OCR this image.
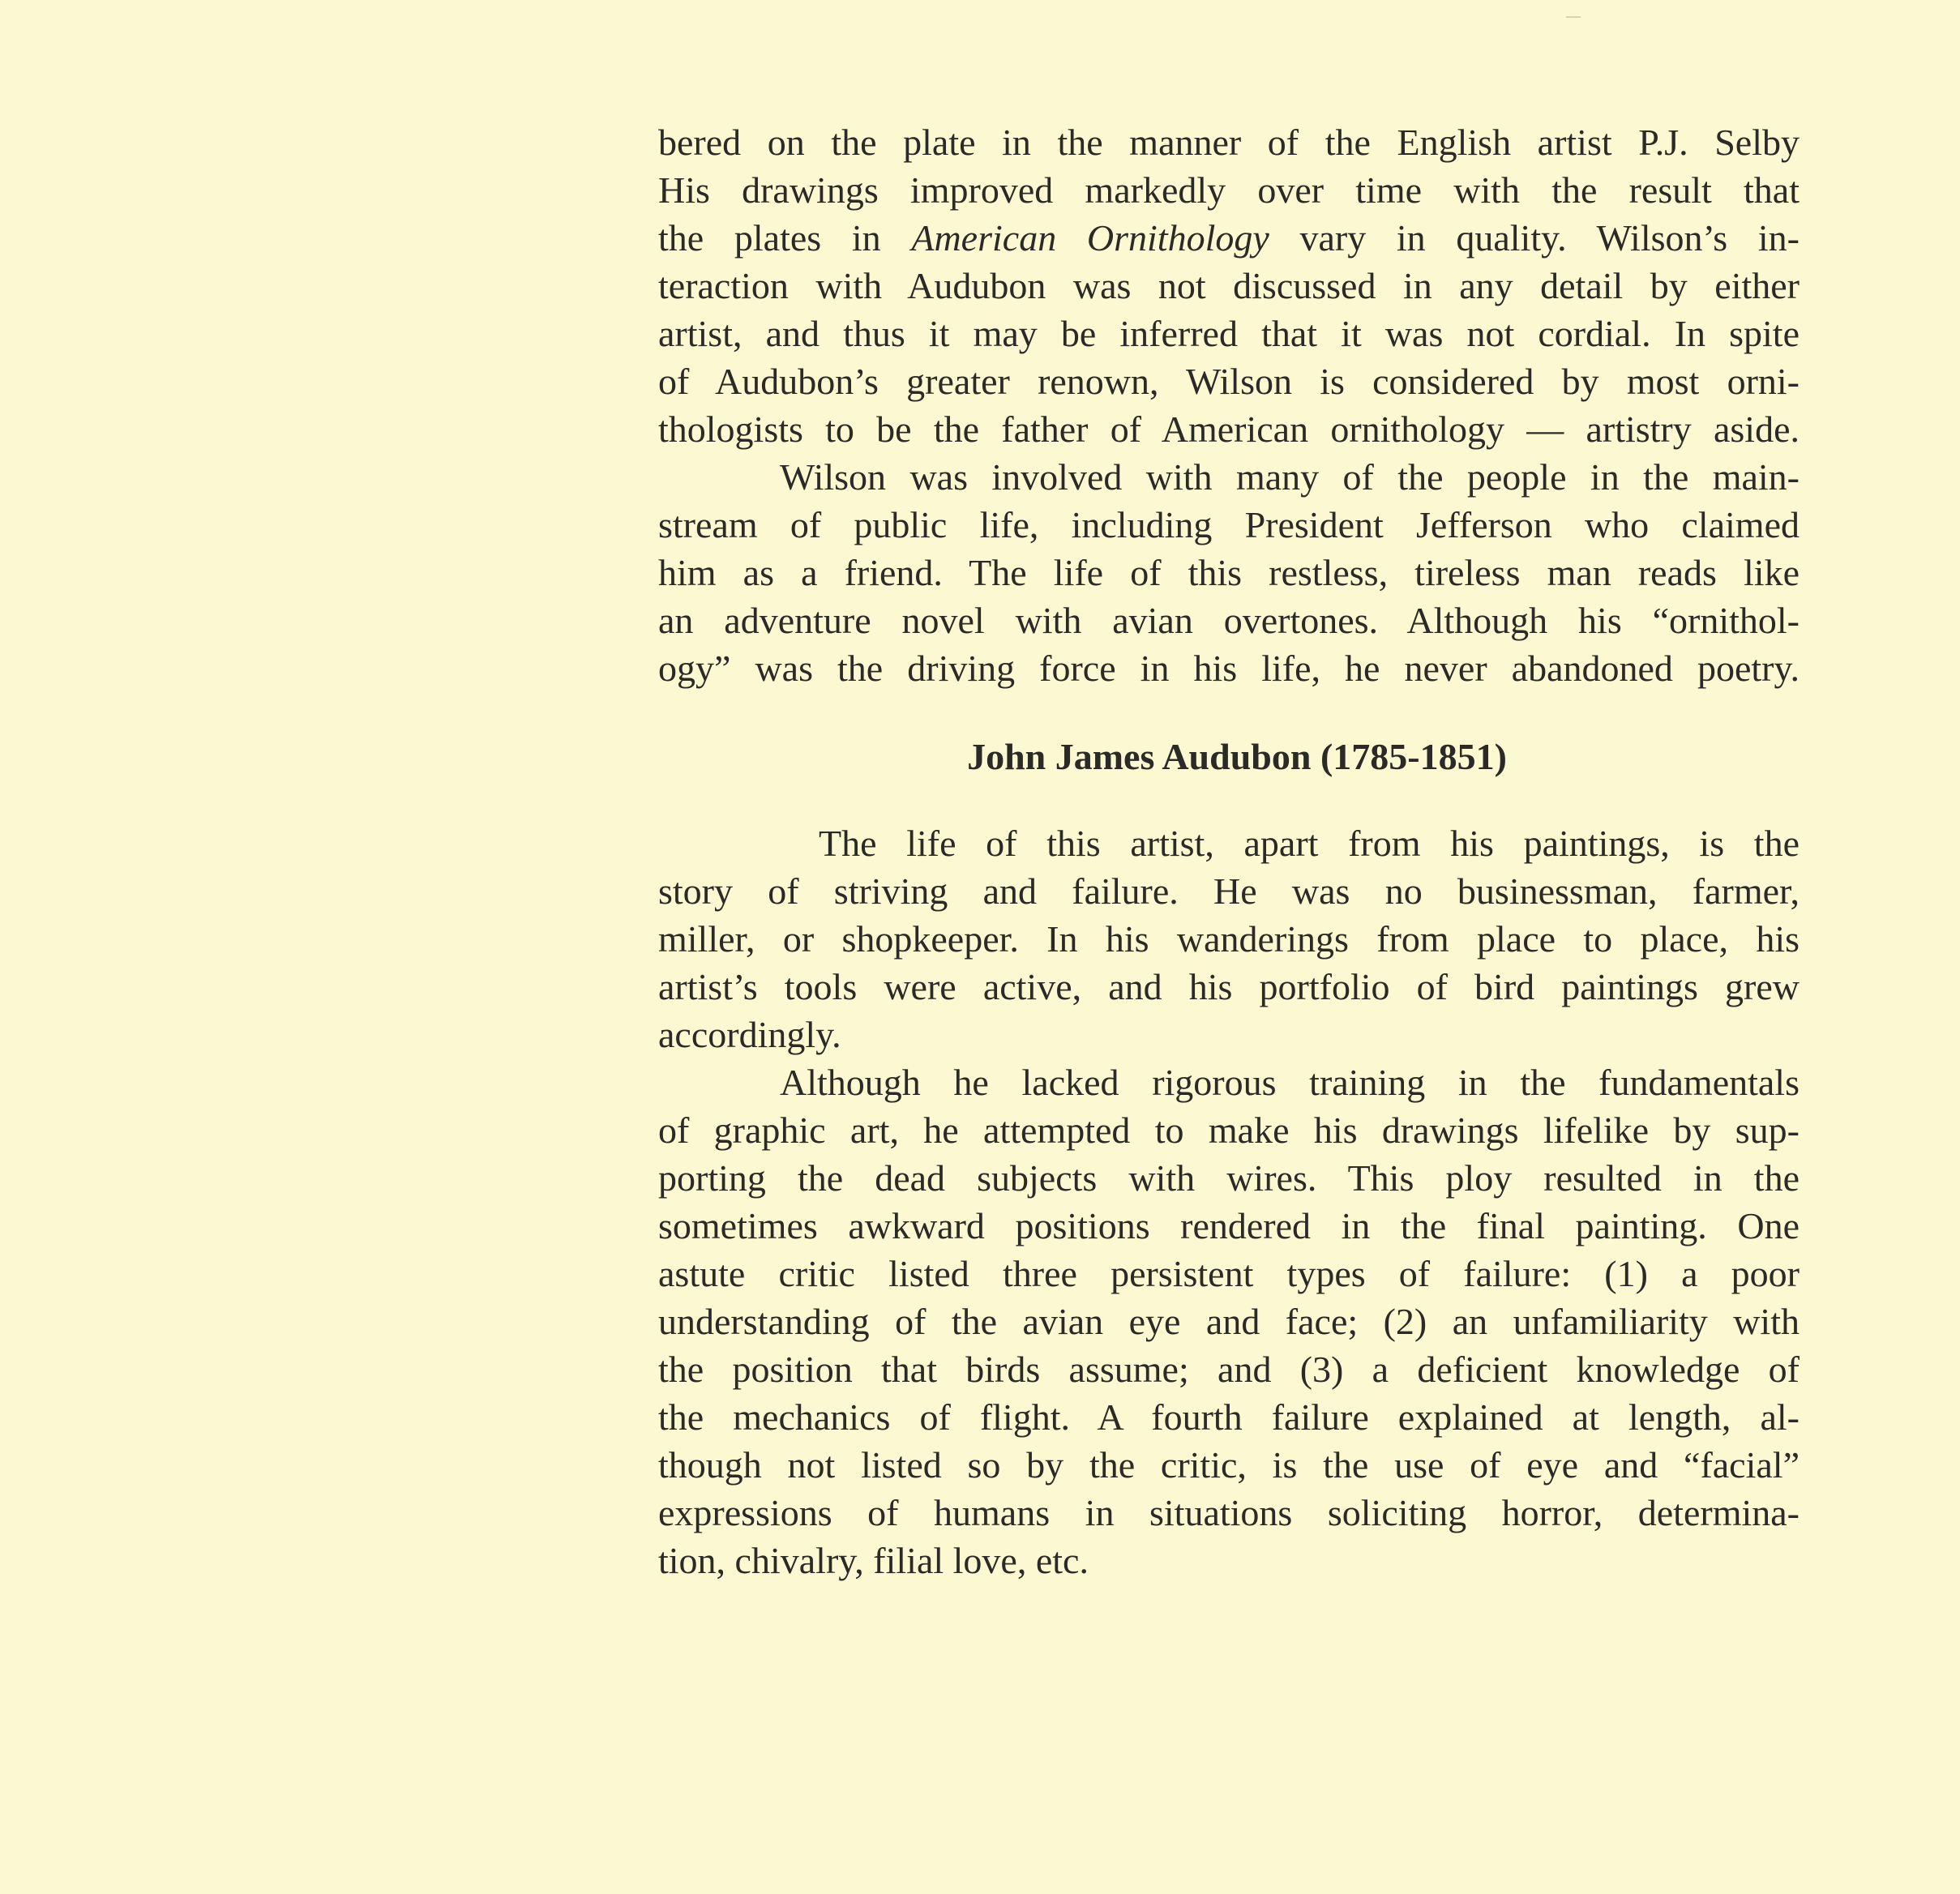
bered on the plate in the manner of the English artist P.J. Selby
His drawings improved markedly over time with the result that
the plates in American Ornithology vary in quality. Wilson’s in-
teraction with Audubon was not discussed in any detail by either
artist, and thus it may be inferred that it was not cordial. In spite
of Audubon’s greater renown, Wilson is considered by most orni-
thologists to be the father of American ornithology — artistry aside.
Wilson was involved with many of the people in the main-
stream of public life, including President Jefferson who claimed
him as a friend. The life of this restless, tireless man reads like
an adventure novel with avian overtones. Although his “ornithol-
ogy” was the driving force in his life, he never abandoned poetry.
John James Audubon (1785-1851)
The life of this artist, apart from his paintings, is the
story of striving and failure. He was no businessman, farmer,
miller, or shopkeeper. In his wanderings from place to place, his
artist’s tools were active, and his portfolio of bird paintings grew
accordingly.
Although he lacked rigorous training in the fundamentals
of graphic art, he attempted to make his drawings lifelike by sup-
porting the dead subjects with wires. This ploy resulted in the
sometimes awkward positions rendered in the final painting. One
astute critic listed three persistent types of failure: (1) a poor
understanding of the avian eye and face; (2) an unfamiliarity with
the position that birds assume; and (3) a deficient knowledge of
the mechanics of flight. A fourth failure explained at length, al-
though not listed so by the critic, is the use of eye and “facial”
expressions of humans in situations soliciting horror, determina-
tion, chivalry, filial love, etc.
